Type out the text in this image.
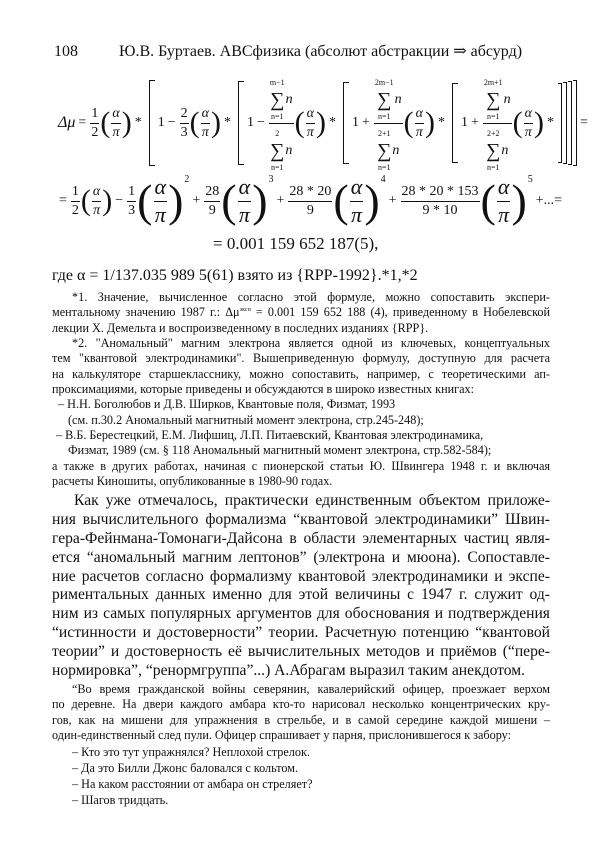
108	Ю.В. Буртаев. ABCфизика (абсолют абстракции ⇒ абсурд)
$\Delta\mu = \frac{1}{2}$ ( $\frac{\alpha}{\pi}$ ) * $1 - \frac{2}{3}$ ( $\frac{\alpha}{\pi}$ ) * 1 − m−1
∑ n
n=1
2
∑ n
n=1 ( $\frac{\alpha}{\pi}$ ) * 1 + 2m−1
∑ n
n=1
2+1
∑ n
n=1 ( $\frac{\alpha}{\pi}$ ) * 1 + 2m+1
∑ n
n=1
2+2
∑ n
n=1 ( $\frac{\alpha}{\pi}$ ) * =
= $\frac{1}{2}$ ( $\frac{\alpha}{\pi}$ ) − $\frac{1}{3}$ ( $\frac{\alpha}{\pi}$ ) 2
+ $\frac{28}{9}$ ( $\frac{\alpha}{\pi}$ ) 3
+ $\frac{28 * 20}{9}$ ( $\frac{\alpha}{\pi}$ ) 4
+ $\frac{28 * 20 * 153}{9 * 10}$ ( $\frac{\alpha}{\pi}$ ) 5
+...=
= 0.001 159 652 187(5),
где α = 1/137.035 989 5(61) взято из {RPP-1992}.*1,*2
*1. Значение, вычисленное согласно этой формуле, можно сопоставить экспери-
ментальному значению 1987 г.: $\Delta\mu^{эксп} = 0.001$ 159 652 188 (4), приведенному в Нобелевской
лекции Х. Демельта и воспроизведенному в последних изданиях {RPP}.
*2. "Аномальный" магним электрона является одной из ключевых, концептуальных
тем "квантовой электродинамики". Вышеприведенную формулу, доступную для расчета
на калькуляторе старшекласснику, можно сопоставить, например, с теоретическими ап-
проксимациями, которые приведены и обсуждаются в широко известных книгах:
– Н.Н. Боголюбов и Д.В. Ширков, Квантовые поля, Физмат, 1993
(см. п.30.2 Аномальный магнитный момент электрона, стр.245-248);
– В.Б. Берестецкий, Е.М. Лифшиц, Л.П. Питаевский, Квантовая электродинамика,
Физмат, 1989 (см. § 118 Аномальный магнитный момент электрона, стр.582-584);
а также в других работах, начиная с пионерской статьи Ю. Швингера 1948 г. и включая
расчеты Киношиты, опубликованные в 1980-90 годах.
Как уже отмечалось, практически единственным объектом приложе-
ния вычислительного формализма “квантовой электродинамики” Швин-
гера-Фейнмана-Томонаги-Дайсона в области элементарных частиц явля-
ется “аномальный магним лептонов” (электрона и мюона). Сопоставле-
ние расчетов согласно формализму квантовой электродинамики и экспе-
риментальных данных именно для этой величины с 1947 г. служит од-
ним из самых популярных аргументов для обоснования и подтверждения
“истинности и достоверности” теории. Расчетную потенцию “квантовой
теории” и достоверность её вычислительных методов и приёмов (“пере-
нормировка”, “ренормгруппа”...) А.Абрагам выразил таким анекдотом.
“Во время гражданской войны северянин, кавалерийский офицер, проезжает верхом
по деревне. На двери каждого амбара кто-то нарисовал несколько концентрических кру-
гов, как на мишени для упражнения в стрельбе, и в самой середине каждой мишени –
один-единственный след пули. Офицер спрашивает у парня, прислонившегося к забору:
– Кто это тут упражнялся? Неплохой стрелок.
– Да это Билли Джонс баловался с кольтом.
– На каком расстоянии от амбара он стреляет?
– Шагов тридцать.
